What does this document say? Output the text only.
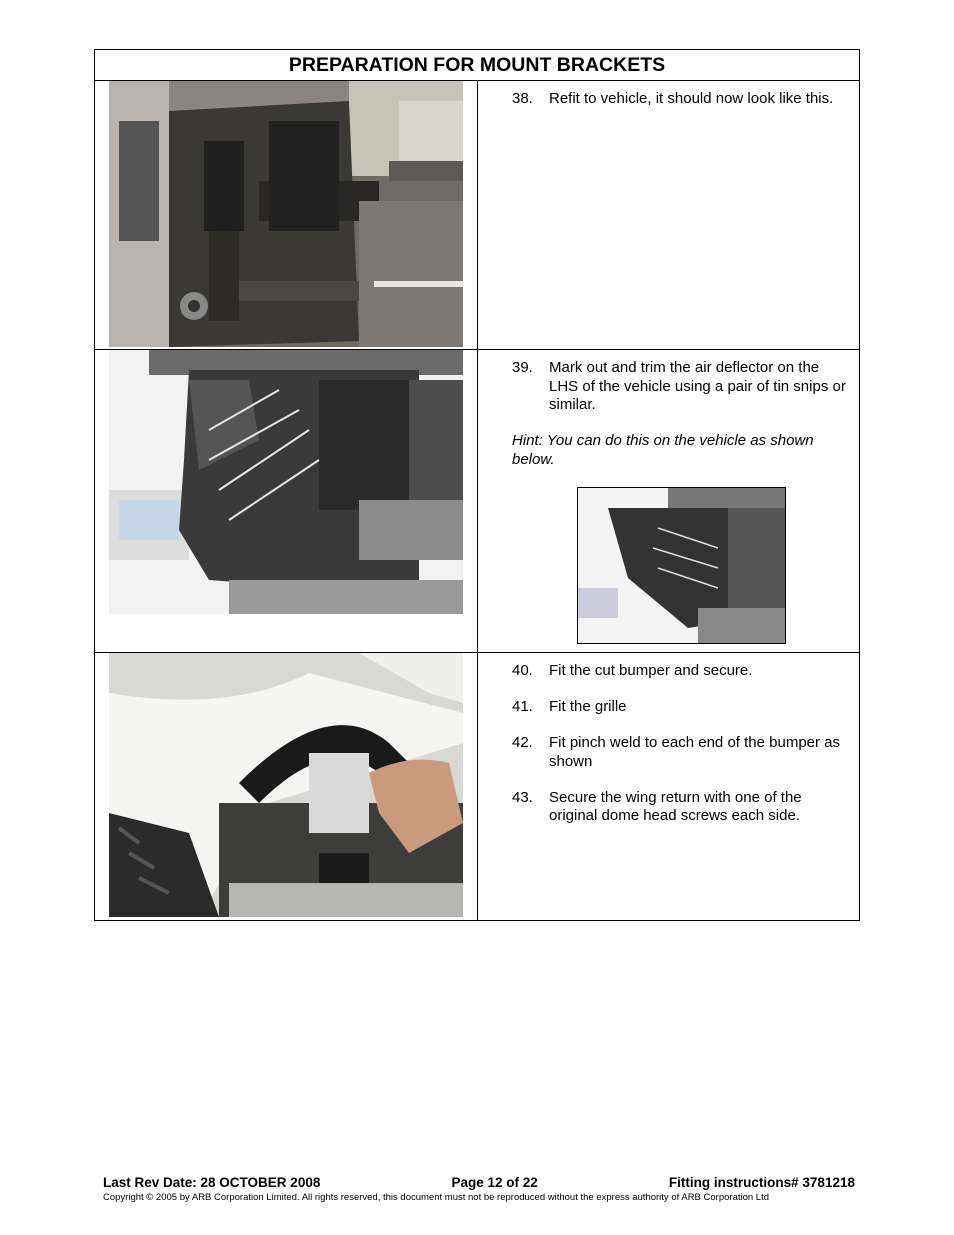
PREPARATION FOR MOUNT BRACKETS
38.	Refit to vehicle, it should now look like this.
39.	Mark out and trim the air deflector on the LHS of the vehicle using a pair of tin snips or similar.
Hint: You can do this on the vehicle as shown below.
40.	Fit the cut bumper and secure.
41.	Fit the grille
42.	Fit pinch weld to each end of the bumper as shown
43.	Secure the wing return with one of the original dome head screws each side.
Last Rev Date: 28 OCTOBER 2008	Page 12 of 22	Fitting instructions# 3781218
Copyright © 2005 by ARB Corporation Limited. All rights reserved, this document must not be reproduced without the express authority of ARB Corporation Ltd
